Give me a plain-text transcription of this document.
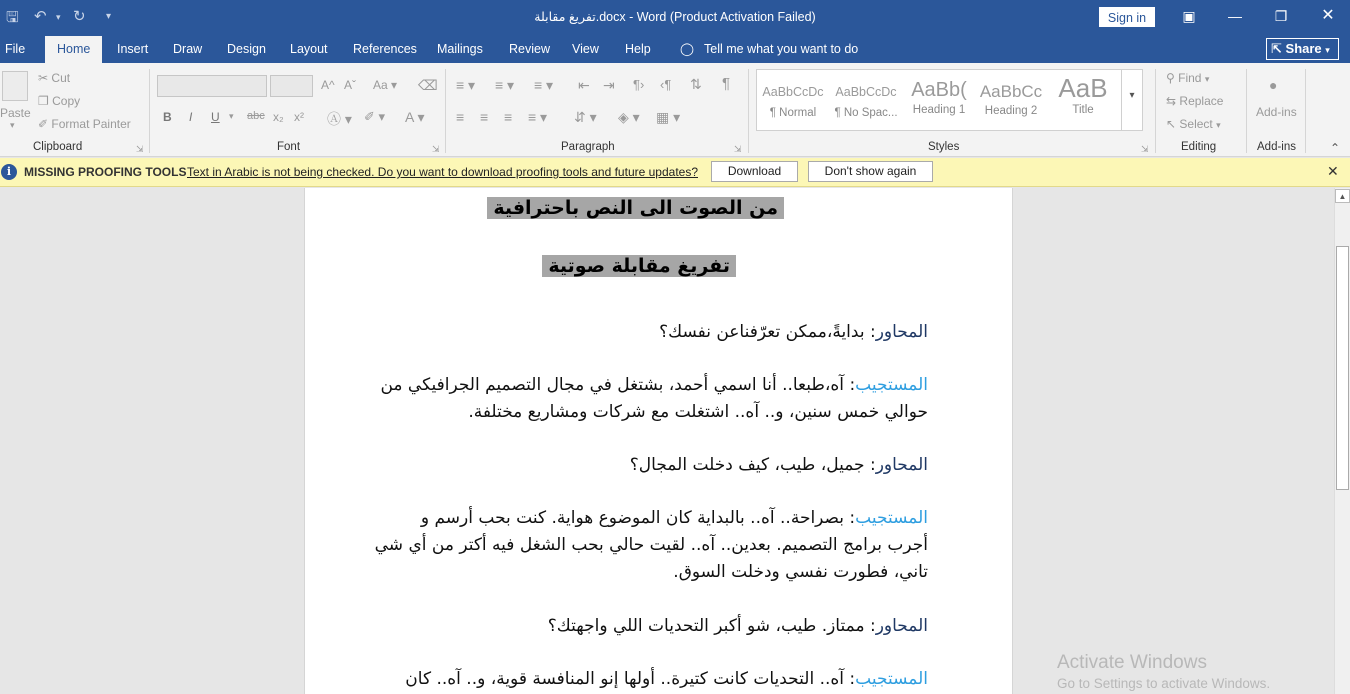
🖫 ↶ ▾ ↻ ▾	تفريغ مقابلة.docx - Word (Product Activation Failed)	Sign in	▣	—	❐	✕
File	Home	Insert Draw Design Layout References Mailings Review View Help ◯ Tell me what you want to do	⇱ Share ▾
Paste
▾
✂ Cut
❐ Copy
✐ Format Painter
Clipboard	⇲
A^ Aˇ Aa ▾ ⌫
B I U ▾ abc x₂ x² Ⓐ ▾ ✐ ▾ A ▾
Font	⇲
≡ ▾ ≡ ▾ ≡ ▾ ⇤ ⇥ ¶› ‹¶ ⇅ ¶
≡ ≡ ≡ ≡ ▾ ⇵ ▾ ◈ ▾ ▦ ▾
Paragraph	⇲
AaBbCcDc
¶ Normal
AaBbCcDc
¶ No Spac...
AaBb(
Heading 1
AaBbCc
Heading 2
AaB
Title
▾
Styles	⇲
⚲ Find ▾
⇆ Replace
↖ Select ▾
Editing
●
Add-ins
Add-ins	⌃
i	MISSING PROOFING TOOLS Text in Arabic is not being checked. Do you want to download proofing tools and future updates?	Download	Don't show again	✕
من الصوت الى النص باحترافية
تفريغ مقابلة صوتية
المحاور: بدايةً،ممكن تعرّفناعن نفسك؟
المستجيب: آه،طبعا.. أنا اسمي أحمد، بشتغل في مجال التصميم الجرافيكي من
حوالي خمس سنين، و.. آه.. اشتغلت مع شركات ومشاريع مختلفة.
المحاور: جميل، طيب، كيف دخلت المجال؟
المستجيب: بصراحة.. آه.. بالبداية كان الموضوع هواية. كنت بحب أرسم و
أجرب برامج التصميم. بعدين.. آه.. لقيت حالي بحب الشغل فيه أكتر من أي شي
تاني، فطورت نفسي ودخلت السوق.
المحاور: ممتاز. طيب، شو أكبر التحديات اللي واجهتك؟
المستجيب: آه.. التحديات كانت كتيرة.. أولها إنو المنافسة قوية، و.. آه.. كان
▲
Activate Windows
Go to Settings to activate Windows.
